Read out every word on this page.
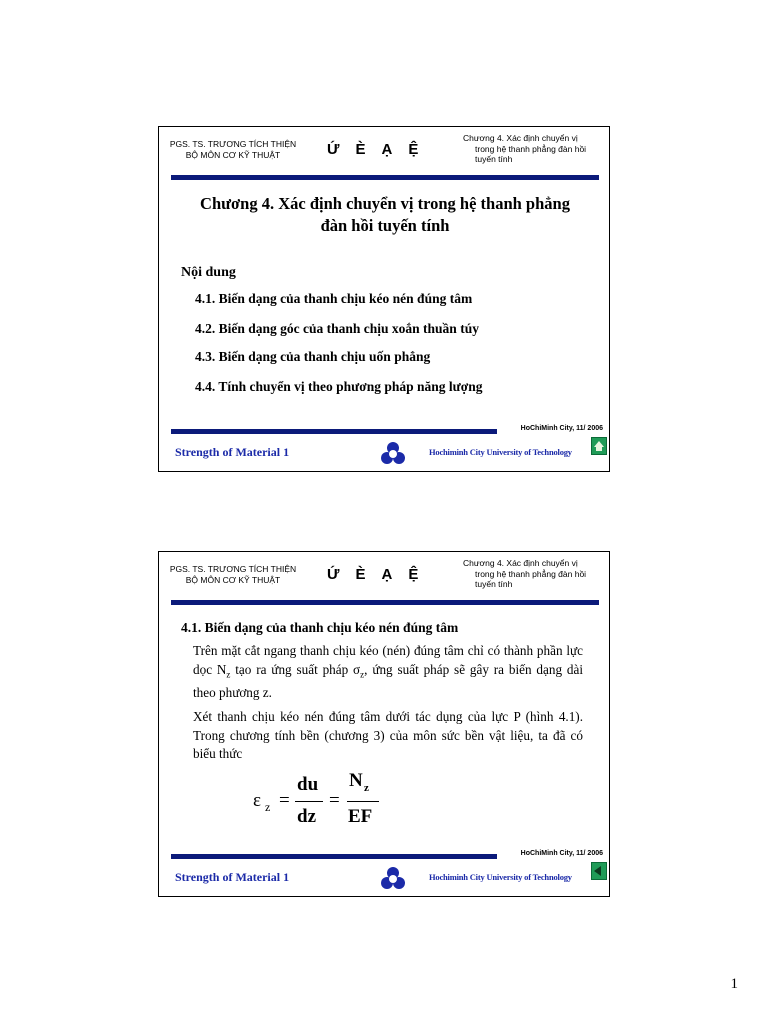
PGS. TS. TRƯƠNG TÍCH THIỆN
BỘ MÔN CƠ KỸ THUẬT	Ứ È Ạ Ệ
Chương 4. Xác định chuyển vị
trong hệ thanh phẳng đàn hồi
tuyến tính
Chương 4. Xác định chuyển vị trong hệ thanh phẳng
đàn hồi tuyến tính
Nội dung
4.1. Biến dạng của thanh chịu kéo nén đúng tâm
4.2. Biến dạng góc của thanh chịu xoắn thuần túy
4.3. Biến dạng của thanh chịu uốn phẳng
4.4. Tính chuyển vị theo phương pháp năng lượng
HoChiMinh City, 11/ 2006
Strength of Material 1	Hochiminh City University of Technology
PGS. TS. TRƯƠNG TÍCH THIỆN
BỘ MÔN CƠ KỸ THUẬT	Ứ È Ạ Ệ
Chương 4. Xác định chuyển vị
trong hệ thanh phẳng đàn hồi
tuyến tính
4.1. Biến dạng của thanh chịu kéo nén đúng tâm
Trên mặt cắt ngang thanh chịu kéo (nén) đúng tâm chỉ có thành phần lực dọc $N_z$ tạo ra ứng suất pháp $\sigma_z$, ứng suất pháp sẽ gây ra biến dạng dài theo phương z.
Xét thanh chịu kéo nén đúng tâm dưới tác dụng của lực P (hình 4.1). Trong chương tính bền (chương 3) của môn sức bền vật liệu, ta đã có biểu thức
ε z =
du
dz
=
N z
EF
HoChiMinh City, 11/ 2006
Strength of Material 1	Hochiminh City University of Technology
1
